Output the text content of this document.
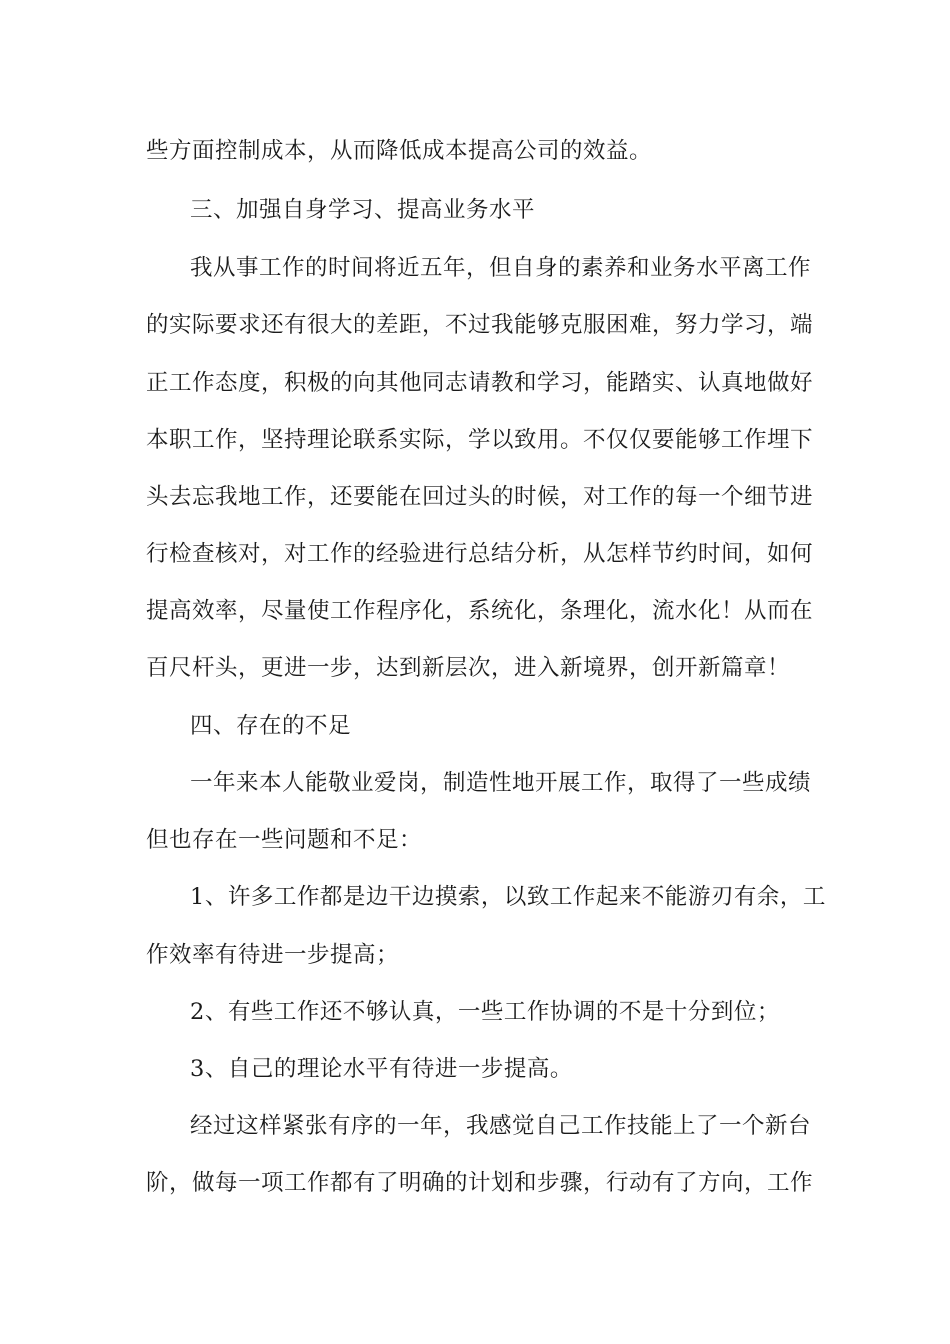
些方面控制成本，从而降低成本提高公司的效益。
三、加强自身学习、提高业务水平
我从事工作的时间将近五年，但自身的素养和业务水平离工作
的实际要求还有很大的差距，不过我能够克服困难，努力学习，端
正工作态度，积极的向其他同志请教和学习，能踏实、认真地做好
本职工作，坚持理论联系实际，学以致用。不仅仅要能够工作埋下
头去忘我地工作，还要能在回过头的时候，对工作的每一个细节进
行检查核对，对工作的经验进行总结分析，从怎样节约时间，如何
提高效率，尽量使工作程序化，系统化，条理化，流水化！从而在
百尺杆头，更进一步，达到新层次，进入新境界，创开新篇章！
四、存在的不足
一年来本人能敬业爱岗，制造性地开展工作，取得了一些成绩
但也存在一些问题和不足：
1、许多工作都是边干边摸索，以致工作起来不能游刃有余，工
作效率有待进一步提高；
2、有些工作还不够认真，一些工作协调的不是十分到位；
3、自己的理论水平有待进一步提高。
经过这样紧张有序的一年，我感觉自己工作技能上了一个新台
阶，做每一项工作都有了明确的计划和步骤，行动有了方向，工作
